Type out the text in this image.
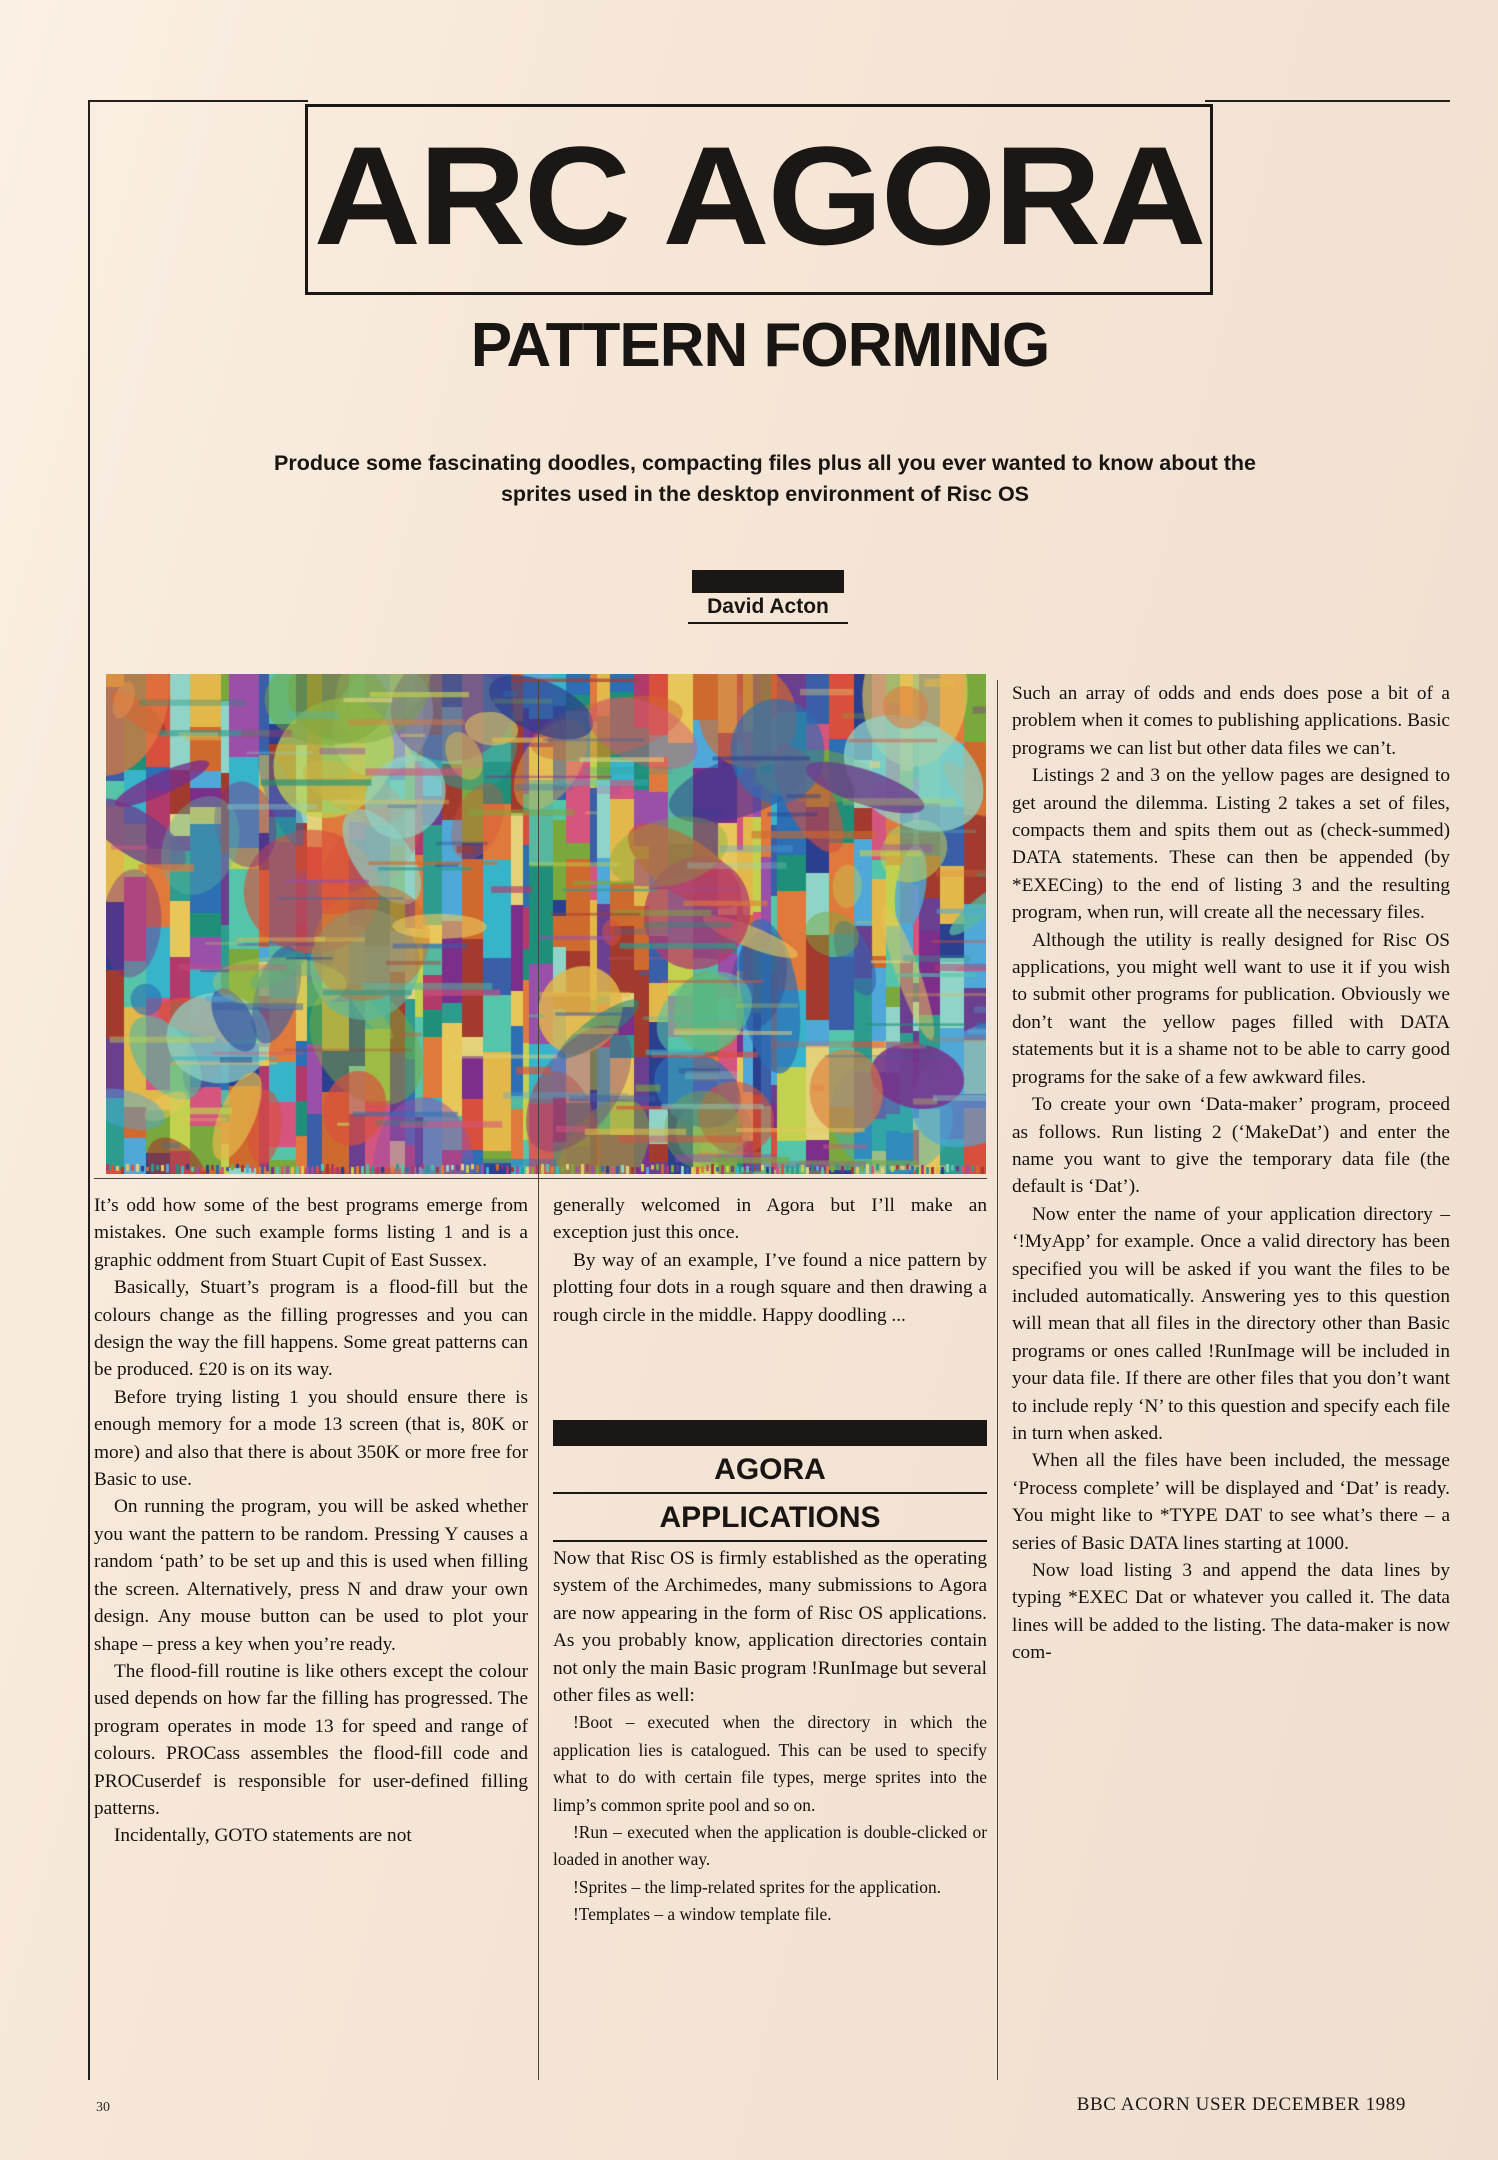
ARC AGORA
PATTERN FORMING
Produce some fascinating doodles, compacting files plus all you ever wanted to know about the sprites used in the desktop environment of Risc OS
David Acton

It’s odd how some of the best programs emerge from mistakes. One such example forms listing 1 and is a graphic oddment from Stuart Cupit of East Sussex.

Basically, Stuart’s program is a flood-fill but the colours change as the filling progresses and you can design the way the fill happens. Some great patterns can be produced. £20 is on its way.

Before trying listing 1 you should ensure there is enough memory for a mode 13 screen (that is, 80K or more) and also that there is about 350K or more free for Basic to use.

On running the program, you will be asked whether you want the pattern to be random. Pressing Y causes a random ‘path’ to be set up and this is used when filling the screen. Alternatively, press N and draw your own design. Any mouse button can be used to plot your shape – press a key when you’re ready.

The flood-fill routine is like others except the colour used depends on how far the filling has progressed. The program operates in mode 13 for speed and range of colours. PROCass assembles the flood-fill code and PROCuserdef is responsible for user-defined filling patterns.

Incidentally, GOTO statements are not

generally welcomed in Agora but I’ll make an exception just this once.

By way of an example, I’ve found a nice pattern by plotting four dots in a rough square and then drawing a rough circle in the middle. Happy doodling ...

AGORA
APPLICATIONS

Now that Risc OS is firmly established as the operating system of the Archimedes, many submissions to Agora are now appearing in the form of Risc OS applications. As you probably know, application directories contain not only the main Basic program !RunImage but several other files as well:

!Boot – executed when the directory in which the application lies is catalogued. This can be used to specify what to do with certain file types, merge sprites into the limp’s common sprite pool and so on.

!Run – executed when the application is double-clicked or loaded in another way.

!Sprites – the limp-related sprites for the application.

!Templates – a window template file.

Such an array of odds and ends does pose a bit of a problem when it comes to publishing applications. Basic programs we can list but other data files we can’t.

Listings 2 and 3 on the yellow pages are designed to get around the dilemma. Listing 2 takes a set of files, compacts them and spits them out as (check-summed) DATA statements. These can then be appended (by *EXECing) to the end of listing 3 and the resulting program, when run, will create all the necessary files.

Although the utility is really designed for Risc OS applications, you might well want to use it if you wish to submit other programs for publication. Obviously we don’t want the yellow pages filled with DATA statements but it is a shame not to be able to carry good programs for the sake of a few awkward files.

To create your own ‘Data-maker’ program, proceed as follows. Run listing 2 (‘MakeDat’) and enter the name you want to give the temporary data file (the default is ‘Dat’).

Now enter the name of your application directory – ‘!MyApp’ for example. Once a valid directory has been specified you will be asked if you want the files to be included automatically. Answering yes to this question will mean that all files in the directory other than Basic programs or ones called !RunImage will be included in your data file. If there are other files that you don’t want to include reply ‘N’ to this question and specify each file in turn when asked.

When all the files have been included, the message ‘Process complete’ will be displayed and ‘Dat’ is ready. You might like to *TYPE DAT to see what’s there – a series of Basic DATA lines starting at 1000.

Now load listing 3 and append the data lines by typing *EXEC Dat or whatever you called it. The data lines will be added to the listing. The data-maker is now com-

30	BBC ACORN USER DECEMBER 1989
